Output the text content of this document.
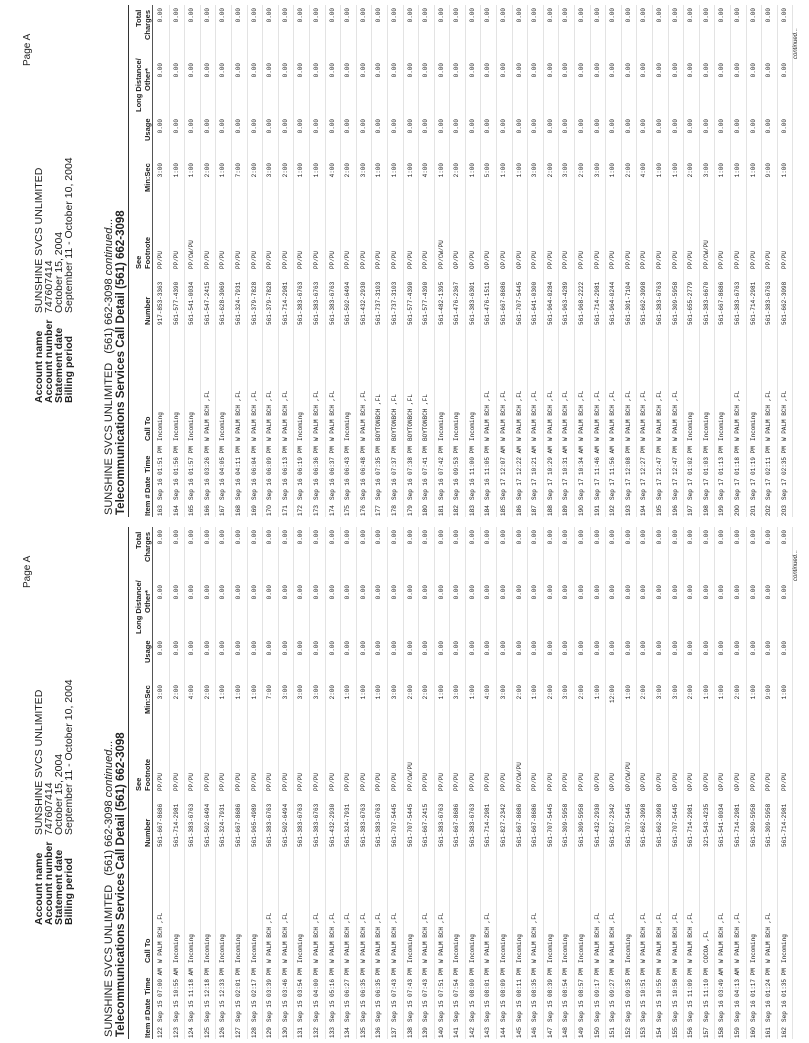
Page A
Account name
SUNSHINE SVCS UNLIMITED
Account number
747607414
Statement date
October 15, 2004
Billing period
September 11 - October 10, 2004
SUNSHINE SVCS UNLIMITED   (561) 662-3098 continued... Telecommunications Services Call Detail (561) 662-3098 Item #
Date
Time
Call To
Number
See Footnote
Min:Sec
Usage
Long Distance/ Other*
Total Charges
122
Sep 15
07:00 AM
W PALM BCH ,FL
561-667-8686
PP/PU
3:00
0.00
0.00
0.00
123
Sep 15
10:55 AM
Incoming
561-714-2981
PP/PU
2:00
0.00
0.00
0.00
124
Sep 15
11:18 AM
Incoming
561-383-6763
PP/PU
4:00
0.00
0.00
0.00
125
Sep 15
12:18 PM
Incoming
561-502-6494
PP/PU
2:00
0.00
0.00
0.00
126
Sep 15
12:33 PM
Incoming
561-324-7931
PP/PU
1:00
0.00
0.00
0.00
127
Sep 15
02:01 PM
Incoming
561-667-8686
PP/PU
1:00
0.00
0.00
0.00
128
Sep 15
02:17 PM
Incoming
561-965-4989
PP/PU
1:00
0.00
0.00
0.00
129
Sep 15
03:39 PM
W PALM BCH ,FL
561-383-6763
PP/PU
7:00
0.00
0.00
0.00
130
Sep 15
03:46 PM
W PALM BCH ,FL
561-502-6494
PP/PU
3:00
0.00
0.00
0.00
131
Sep 15
03:54 PM
Incoming
561-383-6763
PP/PU
3:00
0.00
0.00
0.00
132
Sep 15
04:00 PM
W PALM BCH ,FL
561-383-6763
PP/PU
3:00
0.00
0.00
0.00
133
Sep 15
05:16 PM
W PALM BCH ,FL
561-432-2930
PP/PU
2:00
0.00
0.00
0.00
134
Sep 15
06:27 PM
W PALM BCH ,FL
561-324-7931
PP/PU
1:00
0.00
0.00
0.00
135
Sep 15
06:35 PM
W PALM BCH ,FL
561-383-6763
PP/PU
1:00
0.00
0.00
0.00
136
Sep 15
06:35 PM
W PALM BCH ,FL
561-383-6763
PP/PU
1:00
0.00
0.00
0.00
137
Sep 15
07:43 PM
W PALM BCH ,FL
561-707-5445
PP/PU
3:00
0.00
0.00
0.00
138
Sep 15
07:43 PM
Incoming
561-707-5445
PP/CW/PU
2:00
0.00
0.00
0.00
139
Sep 15
07:43 PM
W PALM BCH ,FL
561-667-2415
PP/PU
2:00
0.00
0.00
0.00
140
Sep 15
07:51 PM
W PALM BCH ,FL
561-383-6763
PP/PU
1:00
0.00
0.00
0.00
141
Sep 15
07:54 PM
Incoming
561-667-8686
PP/PU
3:00
0.00
0.00
0.00
142
Sep 15
08:00 PM
Incoming
561-383-6763
PP/PU
1:00
0.00
0.00
0.00
143
Sep 15
08:01 PM
W PALM BCH ,FL
561-714-2981
PP/PU
4:00
0.00
0.00
0.00
144
Sep 15
08:09 PM
Incoming
561-827-2342
PP/PU
3:00
0.00
0.00
0.00
145
Sep 15
08:11 PM
Incoming
561-667-8686
PP/CW/PU
2:00
0.00
0.00
0.00
146
Sep 15
08:35 PM
W PALM BCH ,FL
561-667-8686
PP/PU
1:00
0.00
0.00
0.00
147
Sep 15
08:39 PM
Incoming
561-707-5445
PP/PU
2:00
0.00
0.00
0.00
148
Sep 15
08:54 PM
Incoming
561-309-5958
PP/PU
3:00
0.00
0.00
0.00
149
Sep 15
08:57 PM
Incoming
561-309-5958
PP/PU
2:00
0.00
0.00
0.00
150
Sep 15
09:17 PM
W PALM BCH ,FL
561-432-2930
OP/PU
1:00
0.00
0.00
0.00
151
Sep 15
09:27 PM
W PALM BCH ,FL
561-827-2342
OP/PU
12:00
0.00
0.00
0.00
152
Sep 15
09:35 PM
Incoming
561-707-5445
OP/CW/PU
1:00
0.00
0.00
0.00
153
Sep 15
10:51 PM
W PALM BCH ,FL
561-662-3098
OP/PU
2:00
0.00
0.00
0.00
154
Sep 15
10:55 PM
W PALM BCH ,FL
561-662-3098
OP/PU
3:00
0.00
0.00
0.00
155
Sep 15
10:58 PM
W PALM BCH ,FL
561-707-5445
OP/PU
3:00
0.00
0.00
0.00
156
Sep 15
11:09 PM
W PALM BCH ,FL
561-714-2981
OP/PU
2:00
0.00
0.00
0.00
157
Sep 15
11:10 PM
COCOA ,FL
321-543-4235
OP/PU
1:00
0.00
0.00
0.00
158
Sep 16
03:49 AM
W PALM BCH ,FL
561-541-0034
OP/PU
1:00
0.00
0.00
0.00
159
Sep 16
04:13 AM
W PALM BCH ,FL
561-714-2981
OP/PU
2:00
0.00
0.00
0.00
160
Sep 16
01:17 PM
Incoming
561-309-5958
PP/PU
1:00
0.00
0.00
0.00
161
Sep 16
01:24 PM
W PALM BCH ,FL
561-309-5958
PP/PU
9:00
0.00
0.00
0.00
162
Sep 16
01:35 PM
Incoming
561-714-2981
PP/PU
1:00
0.00
0.00
0.00
continued...
Page A
Account name
SUNSHINE SVCS UNLIMITED
Account number
747607414
Statement date
October 15, 2004
Billing period
September 11 - October 10, 2004
SUNSHINE SVCS UNLIMITED   (561) 662-3098 continued... Telecommunications Services Call Detail (561) 662-3098 Item #
Date
Time
Call To
Number
See Footnote
Min:Sec
Usage
Long Distance/ Other*
Total Charges
163
Sep 16
01:51 PM
Incoming
917-853-3363
PP/PU
3:00
0.00
0.00
0.00
164
Sep 16
01:56 PM
Incoming
561-577-4390
PP/PU
1:00
0.00
0.00
0.00
165
Sep 16
01:57 PM
Incoming
561-541-0034
PP/CW/PU
1:00
0.00
0.00
0.00
166
Sep 16
03:26 PM
W PALM BCH ,FL
561-547-2415
PP/PU
2:00
0.00
0.00
0.00
167
Sep 16
04:05 PM
Incoming
561-628-3069
PP/PU
1:00
0.00
0.00
0.00
168
Sep 16
04:11 PM
W PALM BCH ,FL
561-324-7931
PP/PU
7:00
0.00
0.00
0.00
169
Sep 16
06:04 PM
W PALM BCH ,FL
561-379-7828
PP/PU
2:00
0.00
0.00
0.00
170
Sep 16
06:09 PM
W PALM BCH ,FL
561-379-7828
PP/PU
3:00
0.00
0.00
0.00
171
Sep 16
06:13 PM
W PALM BCH ,FL
561-714-2981
PP/PU
2:00
0.00
0.00
0.00
172
Sep 16
06:19 PM
Incoming
561-383-6763
PP/PU
1:00
0.00
0.00
0.00
173
Sep 16
06:36 PM
W PALM BCH ,FL
561-383-6763
PP/PU
1:00
0.00
0.00
0.00
174
Sep 16
06:37 PM
W PALM BCH ,FL
561-383-6763
PP/PU
4:00
0.00
0.00
0.00
175
Sep 16
06:43 PM
Incoming
561-502-6494
PP/PU
2:00
0.00
0.00
0.00
176
Sep 16
06:48 PM
W PALM BCH ,FL
561-432-2930
PP/PU
3:00
0.00
0.00
0.00
177
Sep 16
07:35 PM
BOYTONBCH ,FL
561-737-3103
PP/PU
1:00
0.00
0.00
0.00
178
Sep 16
07:37 PM
BOYTONBCH ,FL
561-737-3103
PP/PU
1:00
0.00
0.00
0.00
179
Sep 16
07:38 PM
BOYTONBCH ,FL
561-577-4390
PP/PU
1:00
0.00
0.00
0.00
180
Sep 16
07:41 PM
BOYTONBCH ,FL
561-577-4390
PP/PU
4:00
0.00
0.00
0.00
181
Sep 16
07:42 PM
Incoming
561-482-1395
PP/CW/PU
1:00
0.00
0.00
0.00
182
Sep 16
09:53 PM
Incoming
561-476-2367
OP/PU
2:00
0.00
0.00
0.00
183
Sep 16
11:00 PM
Incoming
561-383-6301
OP/PU
1:00
0.00
0.00
0.00
184
Sep 16
11:05 PM
W PALM BCH ,FL
561-476-1511
OP/PU
5:00
0.00
0.00
0.00
185
Sep 17
12:07 AM
W PALM BCH ,FL
561-667-8686
OP/PU
1:00
0.00
0.00
0.00
186
Sep 17
12:22 AM
W PALM BCH ,FL
561-707-5445
OP/PU
1:00
0.00
0.00
0.00
187
Sep 17
10:21 AM
W PALM BCH ,FL
561-641-0300
PP/PU
3:00
0.00
0.00
0.00
188
Sep 17
10:29 AM
W PALM BCH ,FL
561-964-0284
PP/PU
2:00
0.00
0.00
0.00
189
Sep 17
10:31 AM
W PALM BCH ,FL
561-963-4289
PP/PU
3:00
0.00
0.00
0.00
190
Sep 17
10:34 AM
W PALM BCH ,FL
561-968-2222
PP/PU
2:00
0.00
0.00
0.00
191
Sep 17
11:46 AM
W PALM BCH ,FL
561-714-2981
PP/PU
3:00
0.00
0.00
0.00
192
Sep 17
11:56 AM
W PALM BCH ,FL
561-964-0244
PP/PU
1:00
0.00
0.00
0.00
193
Sep 17
12:08 PM
W PALM BCH ,FL
561-301-7104
PP/PU
2:00
0.00
0.00
0.00
194
Sep 17
12:27 PM
W PALM BCH ,FL
561-662-3098
PP/PU
4:00
0.00
0.00
0.00
195
Sep 17
12:47 PM
W PALM BCH ,FL
561-383-6763
PP/PU
1:00
0.00
0.00
0.00
196
Sep 17
12:47 PM
W PALM BCH ,FL
561-309-5958
PP/PU
1:00
0.00
0.00
0.00
197
Sep 17
01:02 PM
Incoming
561-655-2779
PP/PU
2:00
0.00
0.00
0.00
198
Sep 17
01:03 PM
Incoming
561-383-6670
PP/CW/PU
3:00
0.00
0.00
0.00
199
Sep 17
01:13 PM
Incoming
561-667-8686
PP/PU
1:00
0.00
0.00
0.00
200
Sep 17
01:18 PM
W PALM BCH ,FL
561-383-6763
PP/PU
1:00
0.00
0.00
0.00
201
Sep 17
01:19 PM
Incoming
561-714-2981
PP/PU
1:00
0.00
0.00
0.00
202
Sep 17
02:11 PM
W PALM BCH ,FL
561-383-6763
PP/PU
9:00
0.00
0.00
0.00
203
Sep 17
02:35 PM
W PALM BCH ,FL
561-662-3098
PP/PU
1:00
0.00
0.00
0.00
continued...
